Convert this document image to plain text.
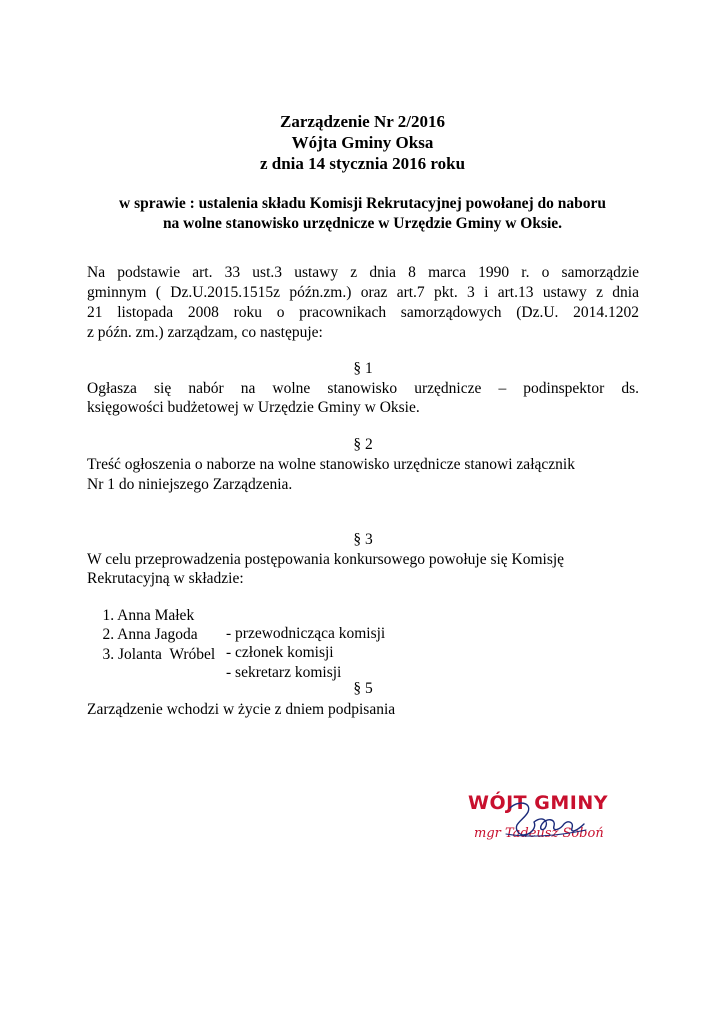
Zarządzenie Nr 2/2016
Wójta Gminy Oksa
z dnia 14 stycznia 2016 roku
w sprawie : ustalenia składu Komisji Rekrutacyjnej powołanej do naboru
na wolne stanowisko urzędnicze w Urzędzie Gminy w Oksie.
Na podstawie art. 33 ust.3 ustawy z dnia 8 marca 1990 r. o samorządzie
gminnym ( Dz.U.2015.1515z późn.zm.) oraz art.7 pkt. 3 i art.13 ustawy z dnia
21 listopada 2008 roku o pracownikach samorządowych (Dz.U. 2014.1202
z późn. zm.) zarządzam, co następuje:
§ 1
Ogłasza się nabór na wolne stanowisko urzędnicze – podinspektor ds.
księgowości budżetowej w Urzędzie Gminy w Oksie.
§ 2
Treść ogłoszenia o naborze na wolne stanowisko urzędnicze stanowi załącznik
Nr 1 do niniejszego Zarządzenia.
§ 3
W celu przeprowadzenia postępowania konkursowego powołuje się Komisję
Rekrutacyjną w składzie:

1. Anna Małek

- przewodnicząca komisji

2. Anna Jagoda

- członek komisji

3. Jolanta  Wróbel

- sekretarz komisji

§ 5
Zarządzenie wchodzi w życie z dniem podpisania
WÓJT GMINY
mgr Tadeusz Soboń
